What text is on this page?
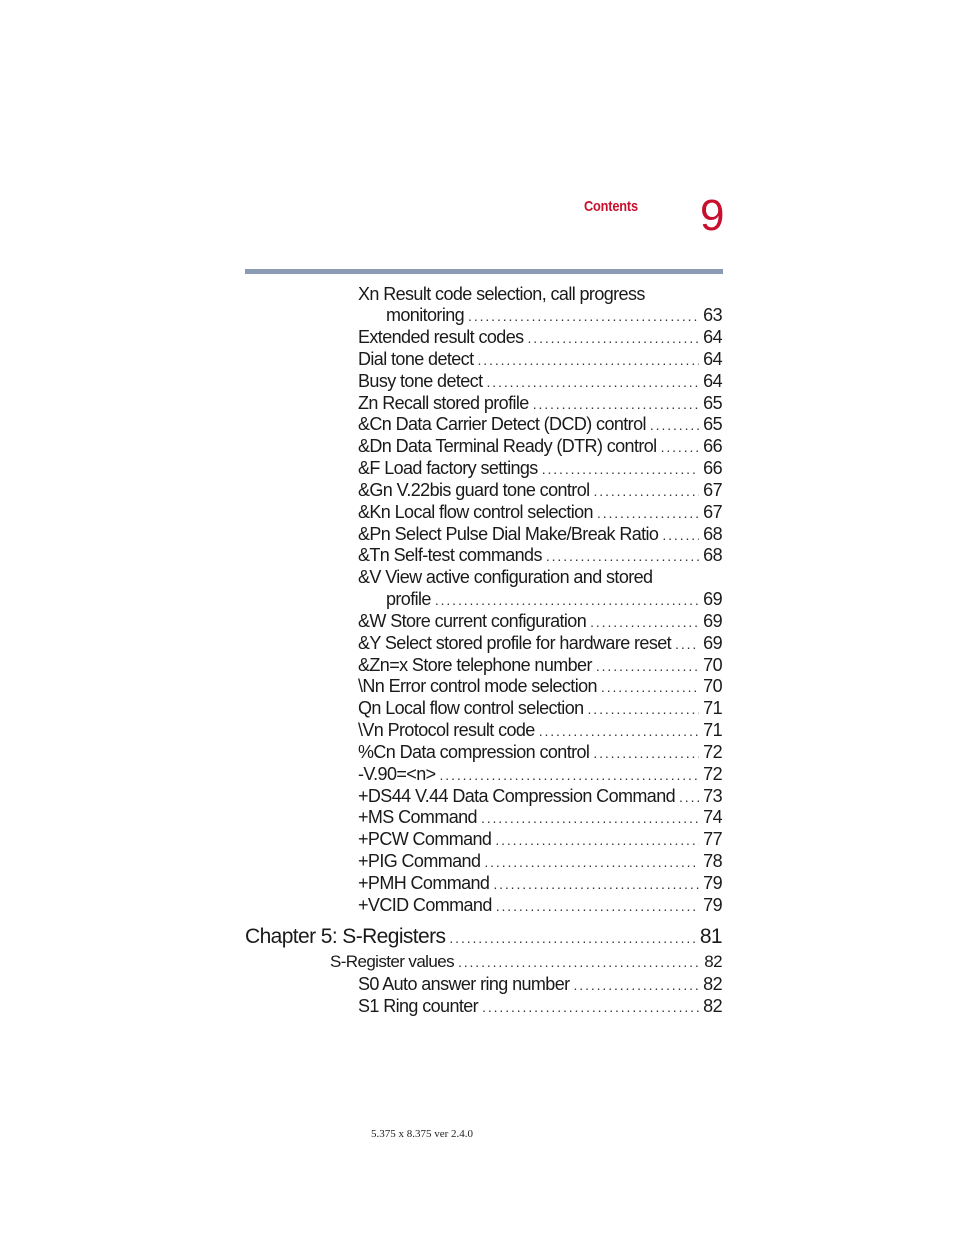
Contents 9
Xn Result code selection, call progress
monitoring . . .	63
Extended result codes . . .	64
Dial tone detect . . .	64
Busy tone detect . . .	64
Zn Recall stored profile . . .	65
&Cn Data Carrier Detect (DCD) control . . .	65
&Dn Data Terminal Ready (DTR) control . . .	66
&F Load factory settings . . .	66
&Gn V.22bis guard tone control . . .	67
&Kn Local flow control selection . . .	67
&Pn Select Pulse Dial Make/Break Ratio . . . 68
&Tn Self-test commands . . .	68
&V View active configuration and stored
profile . . .	69
&W Store current configuration . . .	69
&Y Select stored profile for hardware reset . . . 69
&Zn=x Store telephone number . . .	70
\Nn Error control mode selection . . .	70
Qn Local flow control selection . . .	71
\Vn Protocol result code . . .	71
%Cn Data compression control . . .	72
-V.90=<n> . . .	72
+DS44 V.44 Data Compression Command . . . 73
+MS Command . . .	74
+PCW Command . . .	77
+PIG Command . . .	78
+PMH Command . . .	79
+VCID Command . . .	79
Chapter 5: S-Registers . . .	81
S-Register values . . .	82
S0 Auto answer ring number . . .	82
S1 Ring counter . . .	82
5.375 x 8.375 ver 2.4.0
